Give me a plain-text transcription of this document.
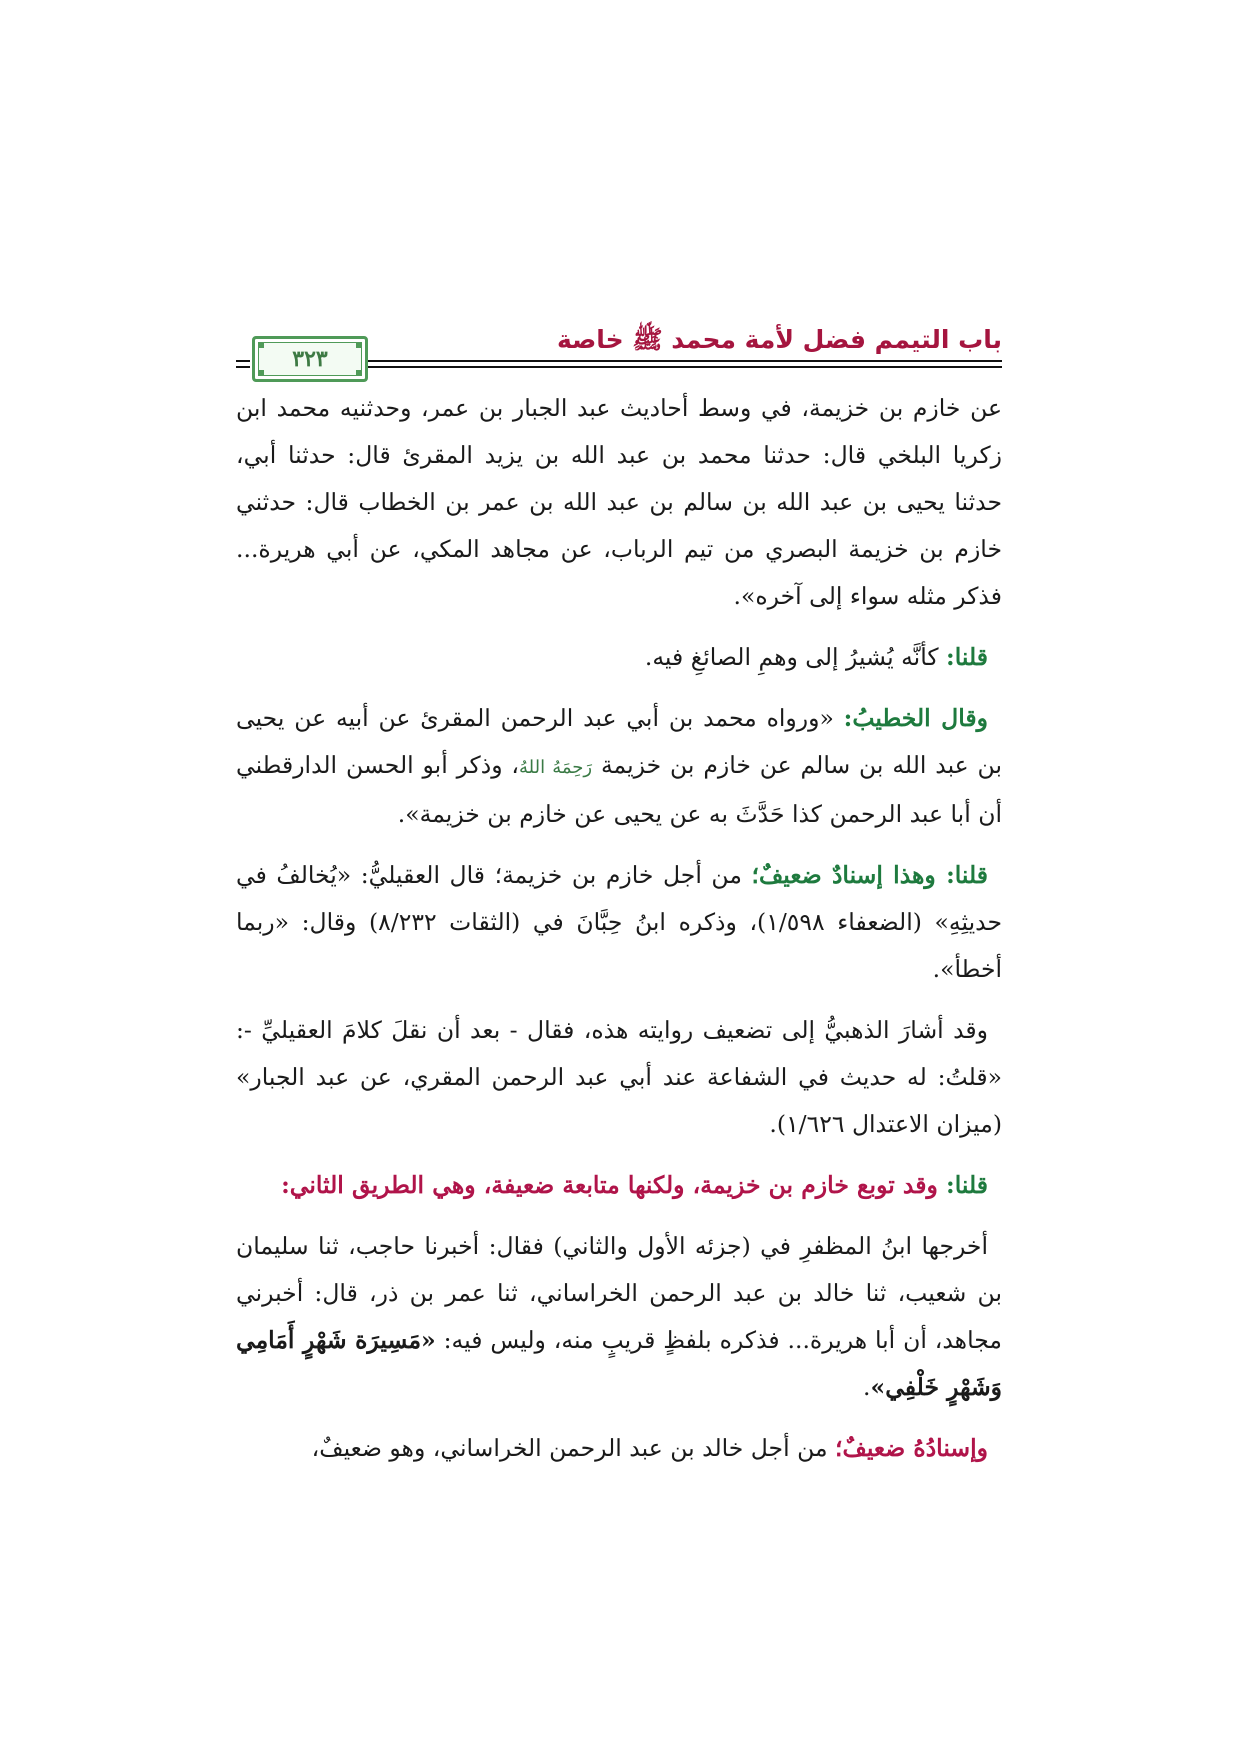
باب التيمم فضل لأمة محمد ﷺ خاصة
٣٢٣

عن خازم بن خزيمة، في وسط أحاديث عبد الجبار بن عمر، وحدثنيه محمد ابن زكريا البلخي قال: حدثنا محمد بن عبد الله بن يزيد المقرئ قال: حدثنا أبي، حدثنا يحيى بن عبد الله بن سالم بن عبد الله بن عمر بن الخطاب قال: حدثني خازم بن خزيمة البصري من تيم الرباب، عن مجاهد المكي، عن أبي هريرة... فذكر مثله سواء إلى آخره».

قلنا: كأنَّه يُشيرُ إلى وهمِ الصائغِ فيه.

وقال الخطيبُ: «ورواه محمد بن أبي عبد الرحمن المقرئ عن أبيه عن يحيى بن عبد الله بن سالم عن خازم بن خزيمة رَحِمَهُ اللهُ، وذكر أبو الحسن الدارقطني أن أبا عبد الرحمن كذا حَدَّثَ به عن يحيى عن خازم بن خزيمة».

قلنا: وهذا إسنادٌ ضعيفٌ؛ من أجل خازم بن خزيمة؛ قال العقيليُّ: «يُخالفُ في حديثِهِ» (الضعفاء ١/٥٩٨)، وذكره ابنُ حِبَّانَ في (الثقات ٨/٢٣٢) وقال: «ربما أخطأ».

وقد أشارَ الذهبيُّ إلى تضعيف روايته هذه، فقال - بعد أن نقلَ كلامَ العقيليِّ -: «قلتُ: له حديث في الشفاعة عند أبي عبد الرحمن المقري، عن عبد الجبار» (ميزان الاعتدال ١/٦٢٦).

قلنا: وقد توبع خازم بن خزيمة، ولكنها متابعة ضعيفة، وهي الطريق الثاني:

أخرجها ابنُ المظفرِ في (جزئه الأول والثاني) فقال: أخبرنا حاجب، ثنا سليمان بن شعيب، ثنا خالد بن عبد الرحمن الخراساني، ثنا عمر بن ذر، قال: أخبرني مجاهد، أن أبا هريرة... فذكره بلفظٍ قريبٍ منه، وليس فيه: «مَسِيرَة شَهْرٍ أَمَامِي وَشَهْرٍ خَلْفِي».

وإسنادُهُ ضعيفٌ؛ من أجل خالد بن عبد الرحمن الخراساني، وهو ضعيفٌ،
